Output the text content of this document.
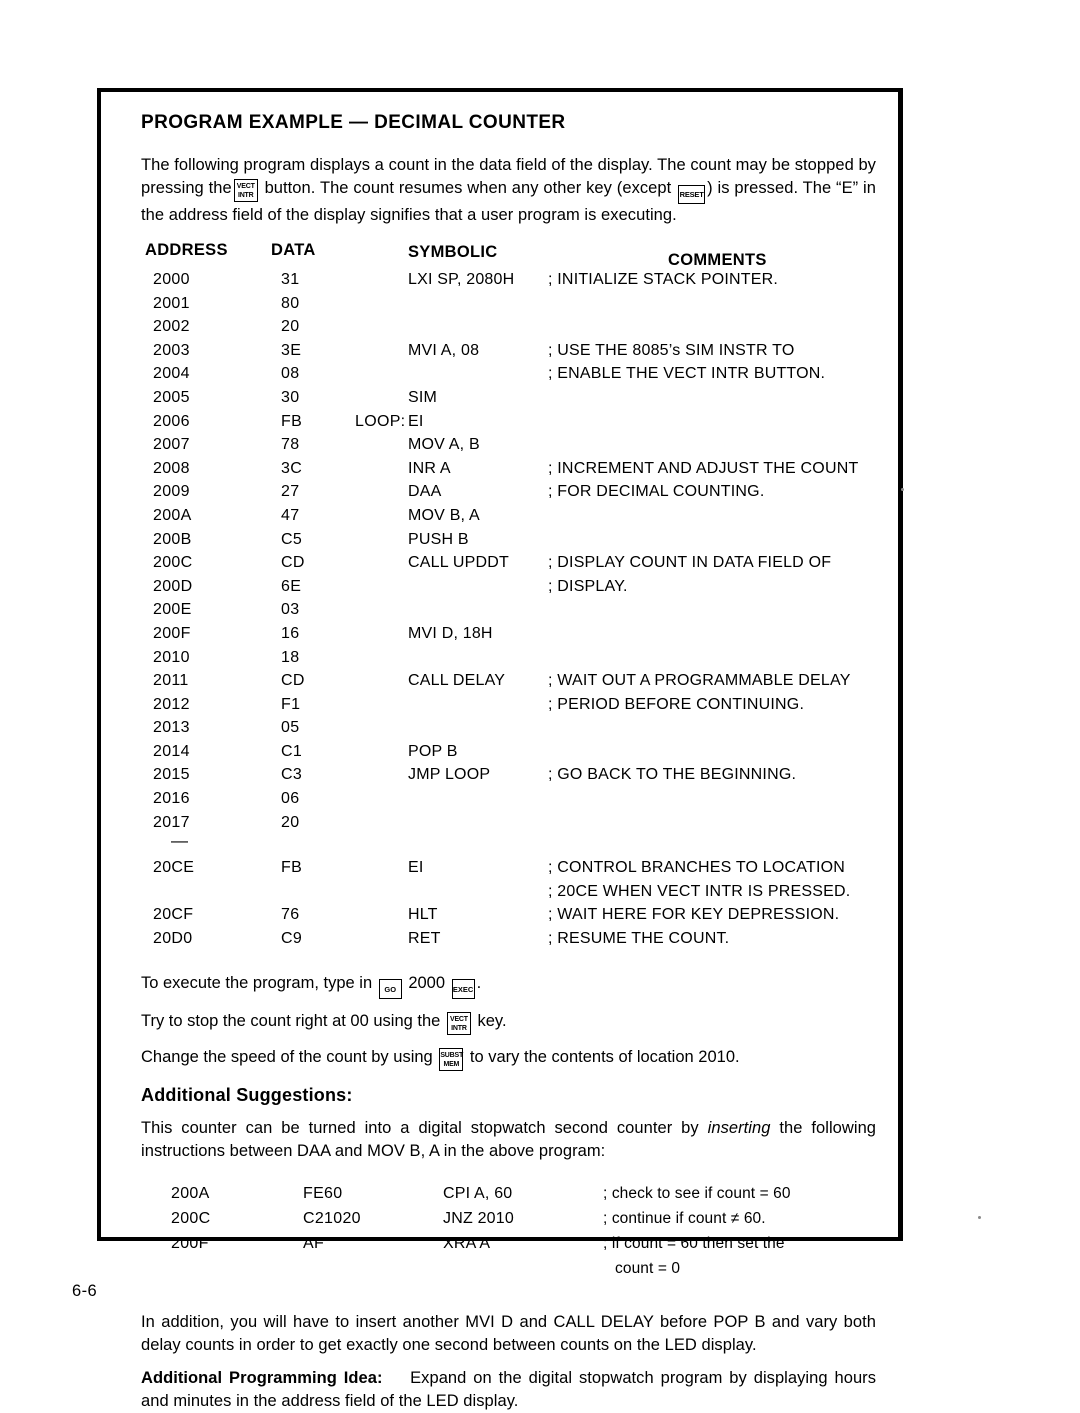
PROGRAM EXAMPLE — DECIMAL COUNTER

The following program displays a count in the data field of the display. The count may be stopped by pressing the VECT
INTR button. The count resumes when any other key (except RESET ) is pressed. The “E” in the address field of the display signifies that a user program is executing.

ADDRESS	DATA	SYMBOLIC	COMMENTS
2000	31	LXI SP, 2080H ; INITIALIZE STACK POINTER.
2001	80
2002	20
2003	3E	MVI A, 08	; USE THE 8085’s SIM INSTR TO
2004	08	; ENABLE THE VECT INTR BUTTON.
2005	30	SIM
2006	FB	LOOP: EI
2007	78	MOV A, B
2008	3C	INR A	; INCREMENT AND ADJUST THE COUNT
2009	27	DAA	; FOR DECIMAL COUNTING.
200A	47	MOV B, A
200B	C5	PUSH B
200C	CD	CALL UPDDT ; DISPLAY COUNT IN DATA FIELD OF
200D	6E	; DISPLAY.
200E	03
200F	16	MVI D, 18H
2010	18
2011	CD	CALL DELAY	; WAIT OUT A PROGRAMMABLE DELAY
2012	F1	; PERIOD BEFORE CONTINUING.
2013	05
2014	C1	POP B
2015	C3	JMP LOOP	; GO BACK TO THE BEGINNING.
2016	06
2017	20
—
20CE	FB	EI	; CONTROL BRANCHES TO LOCATION
; 20CE WHEN VECT INTR IS PRESSED.
20CF	76	HLT	; WAIT HERE FOR KEY DEPRESSION.
20D0	C9	RET	; RESUME THE COUNT.
To execute the program, type in GO 2000 EXEC .
Try to stop the count right at 00 using the VECT
INTR key.
Change the speed of the count by using SUBST
MEM to vary the contents of location 2010.
Additional Suggestions:

This counter can be turned into a digital stopwatch second counter by inserting the following instructions between DAA and MOV B, A in the above program:

200A	FE60	CPI A, 60	; check to see if count = 60
200C	C21020	JNZ 2010	; continue if count ≠ 60.
200F	AF	XRA A	; if count = 60 then set the
count = 0

In addition, you will have to insert another MVI D and CALL DELAY before POP B and vary both delay counts in order to get exactly one second between counts on the LED display.

Additional Programming Idea: Expand on the digital stopwatch program by displaying hours and minutes in the address field of the LED display.

6-6
